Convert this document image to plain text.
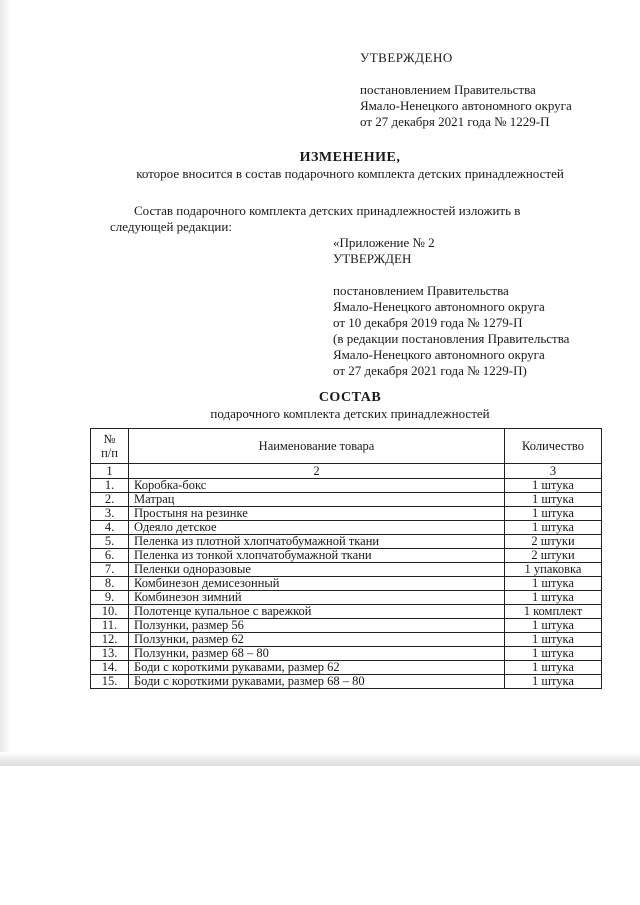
УТВЕРЖДЕНО
постановлением Правительства
Ямало-Ненецкого автономного округа
от 27 декабря 2021 года № 1229-П
ИЗМЕНЕНИЕ,
которое вносится в состав подарочного комплекта детских принадлежностей
Состав подарочного комплекта детских принадлежностей изложить в
следующей редакции:
«Приложение № 2
УТВЕРЖДЕН
постановлением Правительства
Ямало-Ненецкого автономного округа
от 10 декабря 2019 года № 1279-П
(в редакции постановления Правительства
Ямало-Ненецкого автономного округа
от 27 декабря 2021 года № 1229-П)
СОСТАВ
подарочного комплекта детских принадлежностей
№
п/п	Наименование товара	Количество
1	2	3
1.	Коробка-бокс	1 штука
2.	Матрац	1 штука
3.	Простыня на резинке	1 штука
4.	Одеяло детское	1 штука
5.	Пеленка из плотной хлопчатобумажной ткани	2 штуки
6.	Пеленка из тонкой хлопчатобумажной ткани	2 штуки
7.	Пеленки одноразовые	1 упаковка
8.	Комбинезон демисезонный	1 штука
9.	Комбинезон зимний	1 штука
10.	Полотенце купальное с варежкой	1 комплект
11.	Ползунки, размер 56	1 штука
12.	Ползунки, размер 62	1 штука
13.	Ползунки, размер 68 – 80	1 штука
14.	Боди с короткими рукавами, размер 62	1 штука
15.	Боди с короткими рукавами, размер 68 – 80	1 штука
